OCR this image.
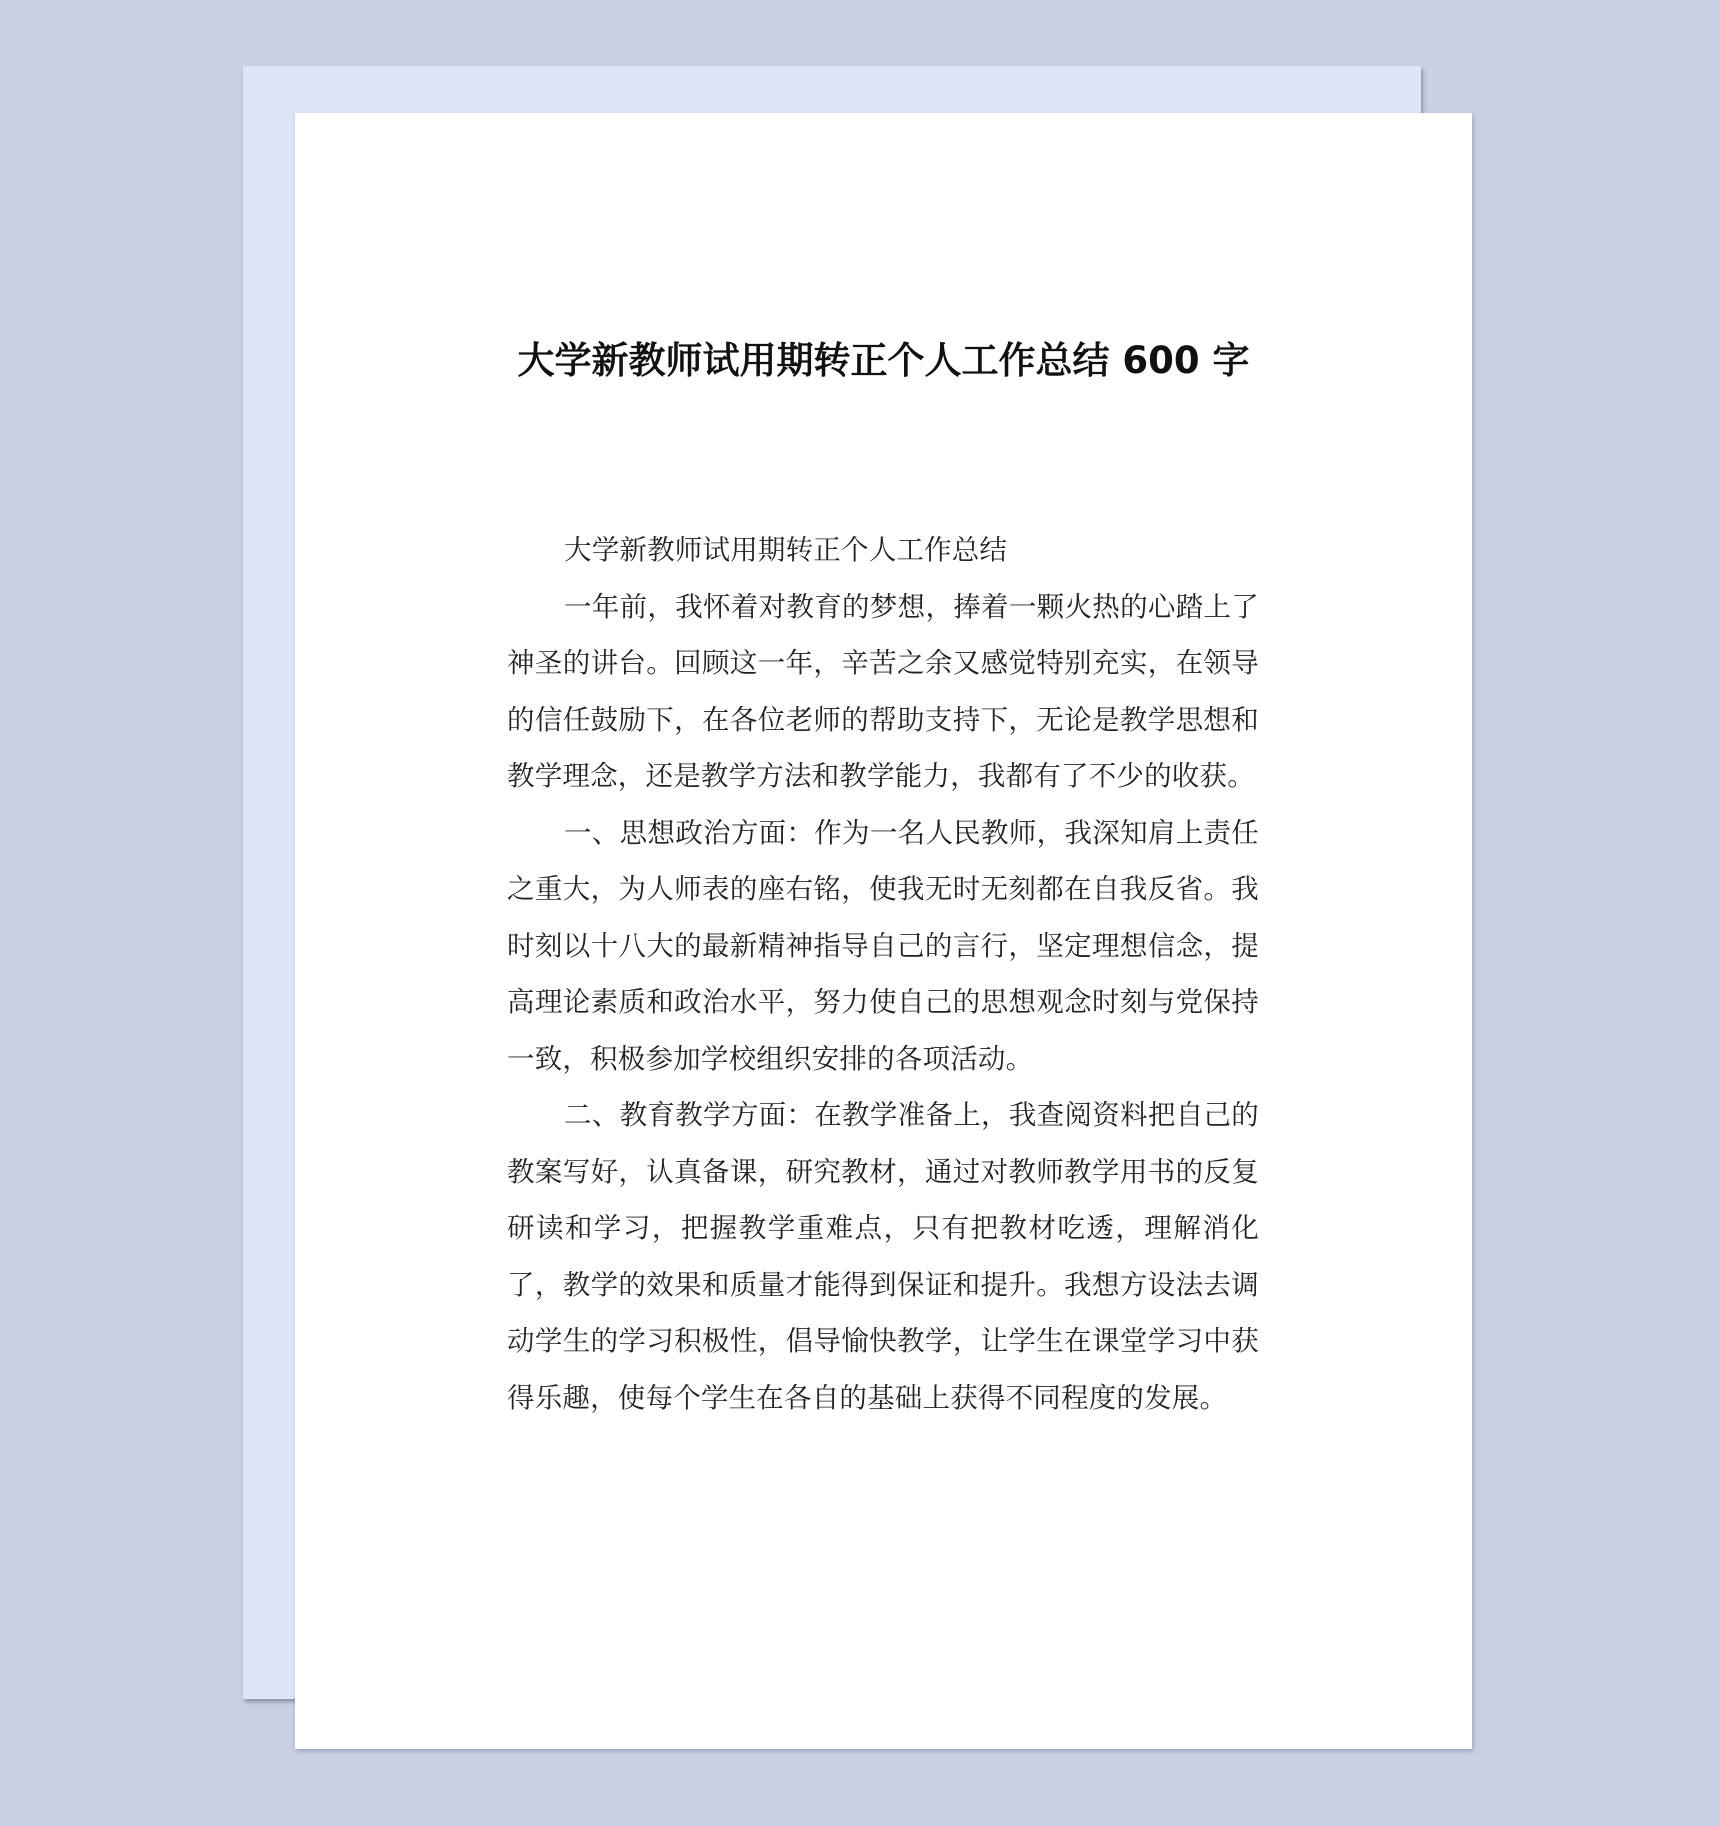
大学新教师试用期转正个人工作总结 600 字

大学新教师试用期转正个人工作总结

一年前，我怀着对教育的梦想，捧着一颗火热的心踏上了神圣的讲台。回顾这一年，辛苦之余又感觉特别充实，在领导的信任鼓励下，在各位老师的帮助支持下，无论是教学思想和教学理念，还是教学方法和教学能力，我都有了不少的收获。

一、思想政治方面：作为一名人民教师，我深知肩上责任之重大，为人师表的座右铭，使我无时无刻都在自我反省。我时刻以十八大的最新精神指导自己的言行，坚定理想信念，提高理论素质和政治水平，努力使自己的思想观念时刻与党保持一致，积极参加学校组织安排的各项活动。

二、教育教学方面：在教学准备上，我查阅资料把自己的教案写好，认真备课，研究教材，通过对教师教学用书的反复研读和学习，把握教学重难点，只有把教材吃透，理解消化了，教学的效果和质量才能得到保证和提升。我想方设法去调动学生的学习积极性，倡导愉快教学，让学生在课堂学习中获得乐趣，使每个学生在各自的基础上获得不同程度的发展。
